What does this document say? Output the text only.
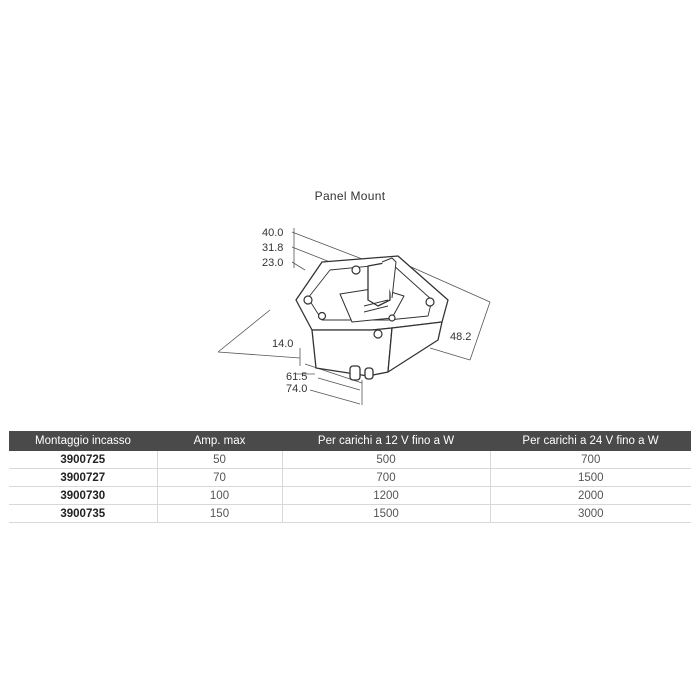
Panel Mount
40.0
31.8
23.0
48.2
14.0
61.5
74.0
Montaggio incasso	Amp. max	Per carichi a 12 V fino a W	Per carichi a 24 V fino a W
3900725	50	500	700
3900727	70	700	1500
3900730	100	1200	2000
3900735	150	1500	3000
